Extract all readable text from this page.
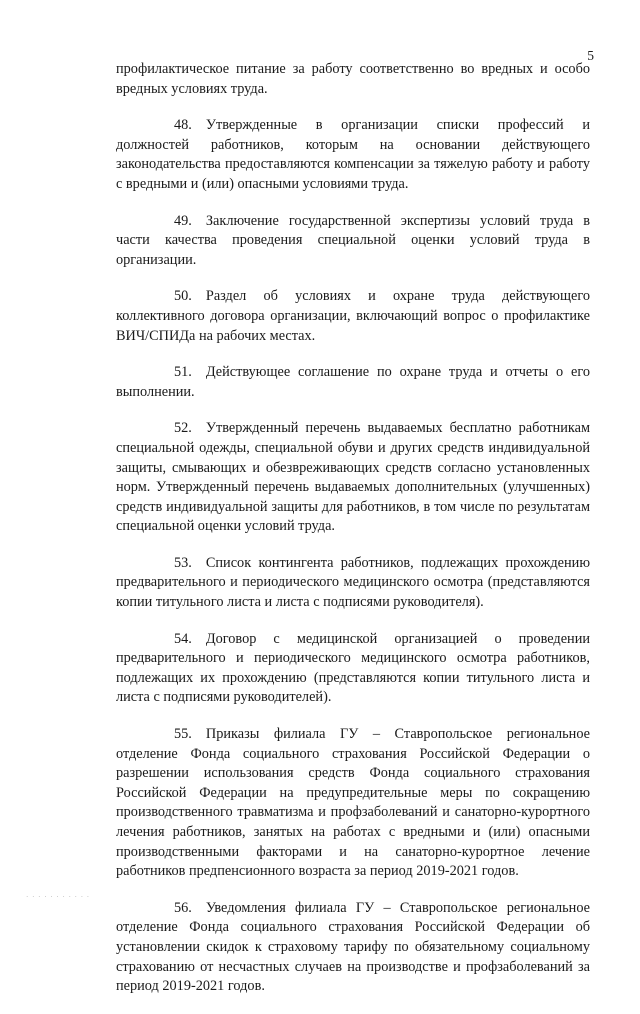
5

профилактическое питание за работу соответственно во вредных и особо вредных условиях труда.

48. Утвержденные в организации списки профессий и должностей работников, которым на основании действующего законодательства предоставляются компенсации за тяжелую работу и работу с вредными и (или) опасными условиями труда.

49. Заключение государственной экспертизы условий труда в части качества проведения специальной оценки условий труда в организации.

50. Раздел об условиях и охране труда действующего коллективного договора организации, включающий вопрос о профилактике ВИЧ/СПИДа на рабочих местах.

51. Действующее соглашение по охране труда и отчеты о его выполнении.

52. Утвержденный перечень выдаваемых бесплатно работникам специальной одежды, специальной обуви и других средств индивидуальной защиты, смывающих и обезвреживающих средств согласно установленных норм. Утвержденный перечень выдаваемых дополнительных (улучшенных) средств индивидуальной защиты для работников, в том числе по результатам специальной оценки условий труда.

53. Список контингента работников, подлежащих прохождению предварительного и периодического медицинского осмотра (представляются копии титульного листа и листа с подписями руководителя).

54. Договор с медицинской организацией о проведении предварительного и периодического медицинского осмотра работников, подлежащих их прохождению (представляются копии титульного листа и листа с подписями руководителей).

55. Приказы филиала ГУ – Ставропольское региональное отделение Фонда социального страхования Российской Федерации о разрешении использования средств Фонда социального страхования Российской Федерации на предупредительные меры по сокращению производственного травматизма и профзаболеваний и санаторно-курортного лечения работников, занятых на работах с вредными и (или) опасными производственными факторами и на санаторно-курортное лечение работников предпенсионного возраста за период 2019-2021 годов.

56. Уведомления филиала ГУ – Ставропольское региональное отделение Фонда социального страхования Российской Федерации об установлении скидок к страховому тарифу по обязательному социальному страхованию от несчастных случаев на производстве и профзаболеваний за период 2019-2021 годов.

· · · · · · · · · · ·
